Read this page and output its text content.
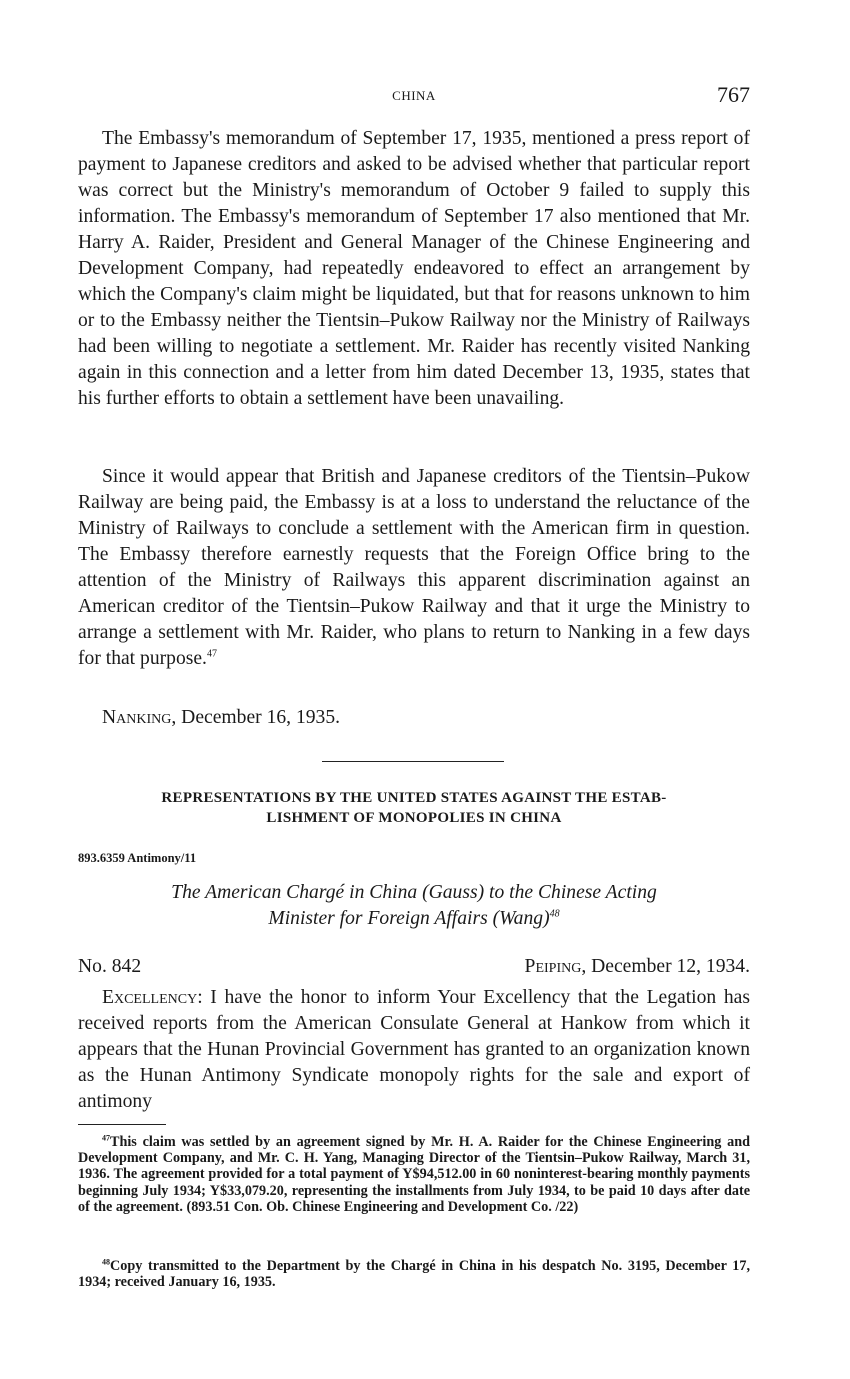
CHINA	767

The Embassy's memorandum of September 17, 1935, mentioned a press report of payment to Japanese creditors and asked to be advised whether that particular report was correct but the Ministry's memorandum of October 9 failed to supply this information. The Embassy's memorandum of September 17 also mentioned that Mr. Harry A. Raider, President and General Manager of the Chinese Engineering and Development Company, had repeatedly endeavored to effect an arrangement by which the Company's claim might be liquidated, but that for reasons unknown to him or to the Embassy neither the Tientsin–Pukow Railway nor the Ministry of Railways had been willing to negotiate a settlement. Mr. Raider has recently visited Nanking again in this connection and a letter from him dated December 13, 1935, states that his further efforts to obtain a settlement have been unavailing.

Since it would appear that British and Japanese creditors of the Tientsin–Pukow Railway are being paid, the Embassy is at a loss to understand the reluctance of the Ministry of Railways to conclude a settlement with the American firm in question. The Embassy therefore earnestly requests that the Foreign Office bring to the attention of the Ministry of Railways this apparent discrimination against an American creditor of the Tientsin–Pukow Railway and that it urge the Ministry to arrange a settlement with Mr. Raider, who plans to return to Nanking in a few days for that purpose.$^{47}$

Nanking, December 16, 1935.
REPRESENTATIONS BY THE UNITED STATES AGAINST THE ESTAB-
LISHMENT OF MONOPOLIES IN CHINA
893.6359 Antimony/11
The American Chargé in China (Gauss) to the Chinese Acting
Minister for Foreign Affairs (Wang)$^{48}$
No. 842	Peiping, December 12, 1934.

Excellency: I have the honor to inform Your Excellency that the Legation has received reports from the American Consulate General at Hankow from which it appears that the Hunan Provincial Government has granted to an organization known as the Hunan Antimony Syndicate monopoly rights for the sale and export of antimony

$^{47}$This claim was settled by an agreement signed by Mr. H. A. Raider for the Chinese Engineering and Development Company, and Mr. C. H. Yang, Managing Director of the Tientsin–Pukow Railway, March 31, 1936. The agreement provided for a total payment of Y$94,512.00 in 60 noninterest-bearing monthly payments beginning July 1934; Y$33,079.20, representing the installments from July 1934, to be paid 10 days after date of the agreement. (893.51 Con. Ob. Chinese Engineering and Development Co. /22)

$^{48}$Copy transmitted to the Department by the Chargé in China in his despatch No. 3195, December 17, 1934; received January 16, 1935.
